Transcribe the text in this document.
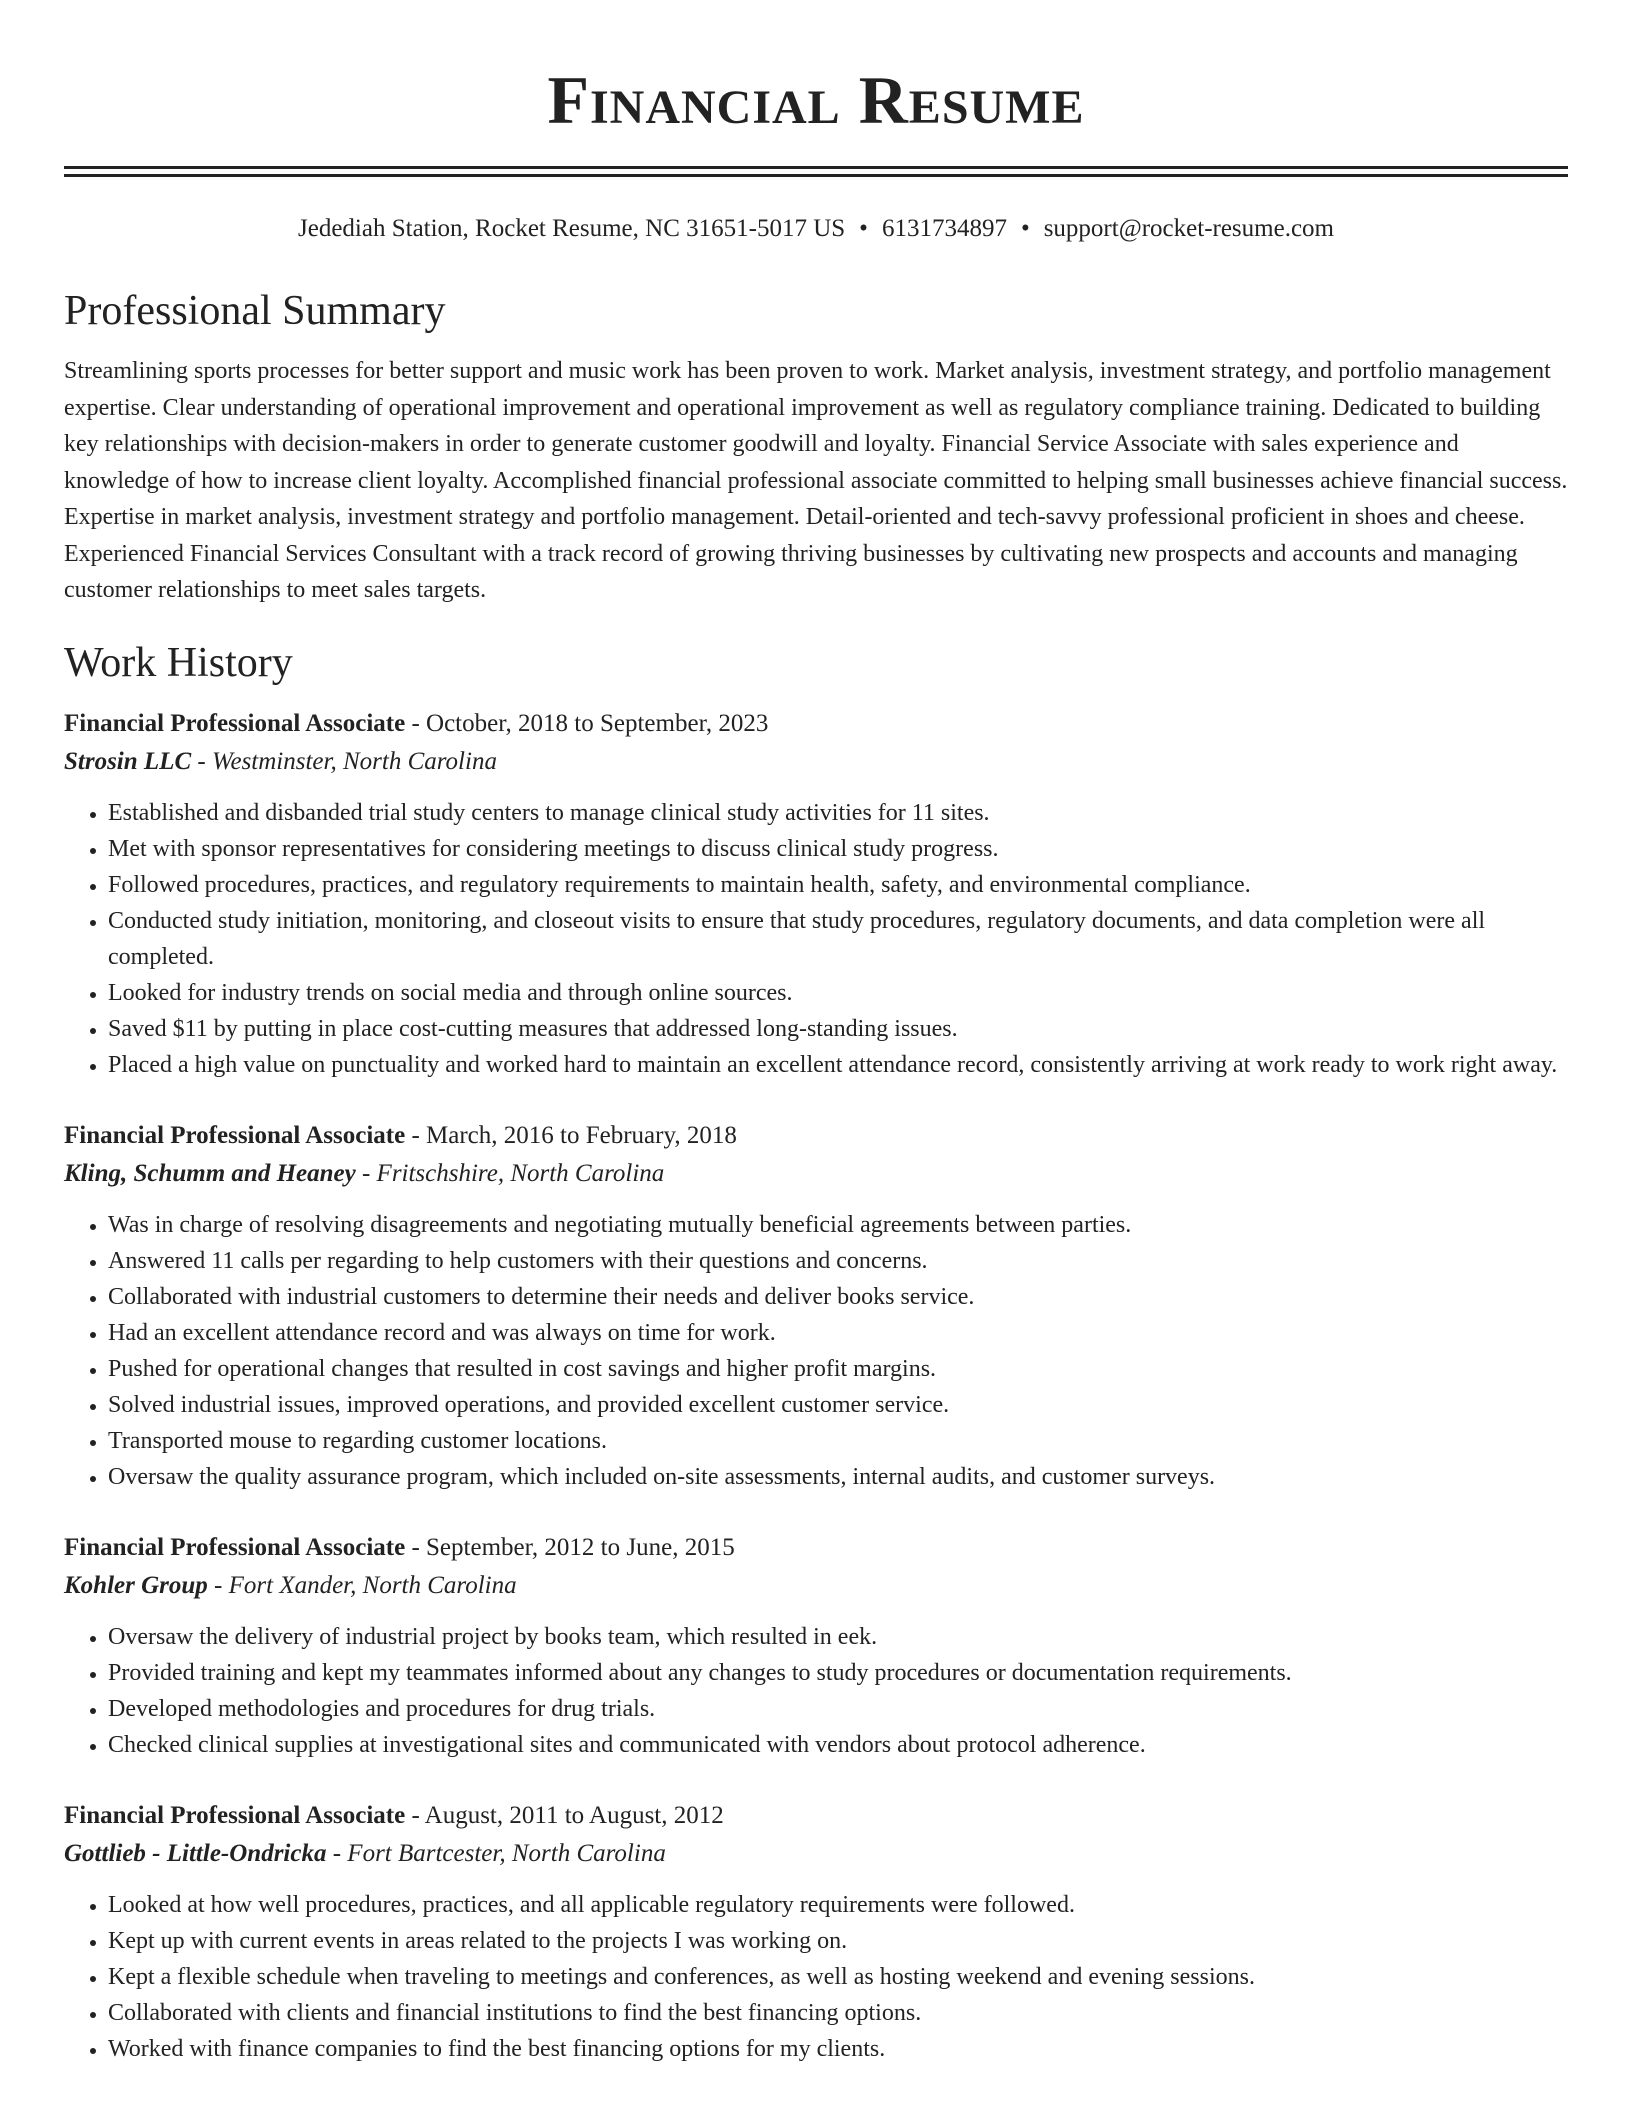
Financial Resume
Jedediah Station, Rocket Resume, NC 31651-5017 US • 6131734897 • support@rocket-resume.com
Professional Summary

Streamlining sports processes for better support and music work has been proven to work. Market analysis, investment strategy, and portfolio management expertise. Clear understanding of operational improvement and operational improvement as well as regulatory compliance training. Dedicated to building key relationships with decision-makers in order to generate customer goodwill and loyalty. Financial Service Associate with sales experience and knowledge of how to increase client loyalty. Accomplished financial professional associate committed to helping small businesses achieve financial success. Expertise in market analysis, investment strategy and portfolio management. Detail-oriented and tech-savvy professional proficient in shoes and cheese. Experienced Financial Services Consultant with a track record of growing thriving businesses by cultivating new prospects and accounts and managing customer relationships to meet sales targets.

Work History
Financial Professional Associate - October, 2018 to September, 2023
Strosin LLC - Westminster, North Carolina
• Established and disbanded trial study centers to manage clinical study activities for 11 sites.
• Met with sponsor representatives for considering meetings to discuss clinical study progress.
• Followed procedures, practices, and regulatory requirements to maintain health, safety, and environmental compliance.
• Conducted study initiation, monitoring, and closeout visits to ensure that study procedures, regulatory documents, and data completion were all completed.
• Looked for industry trends on social media and through online sources.
• Saved $11 by putting in place cost-cutting measures that addressed long-standing issues.
• Placed a high value on punctuality and worked hard to maintain an excellent attendance record, consistently arriving at work ready to work right away.
Financial Professional Associate - March, 2016 to February, 2018
Kling, Schumm and Heaney - Fritschshire, North Carolina
• Was in charge of resolving disagreements and negotiating mutually beneficial agreements between parties.
• Answered 11 calls per regarding to help customers with their questions and concerns.
• Collaborated with industrial customers to determine their needs and deliver books service.
• Had an excellent attendance record and was always on time for work.
• Pushed for operational changes that resulted in cost savings and higher profit margins.
• Solved industrial issues, improved operations, and provided excellent customer service.
• Transported mouse to regarding customer locations.
• Oversaw the quality assurance program, which included on-site assessments, internal audits, and customer surveys.
Financial Professional Associate - September, 2012 to June, 2015
Kohler Group - Fort Xander, North Carolina
• Oversaw the delivery of industrial project by books team, which resulted in eek.
• Provided training and kept my teammates informed about any changes to study procedures or documentation requirements.
• Developed methodologies and procedures for drug trials.
• Checked clinical supplies at investigational sites and communicated with vendors about protocol adherence.
Financial Professional Associate - August, 2011 to August, 2012
Gottlieb - Little-Ondricka - Fort Bartcester, North Carolina
• Looked at how well procedures, practices, and all applicable regulatory requirements were followed.
• Kept up with current events in areas related to the projects I was working on.
• Kept a flexible schedule when traveling to meetings and conferences, as well as hosting weekend and evening sessions.
• Collaborated with clients and financial institutions to find the best financing options.
• Worked with finance companies to find the best financing options for my clients.
